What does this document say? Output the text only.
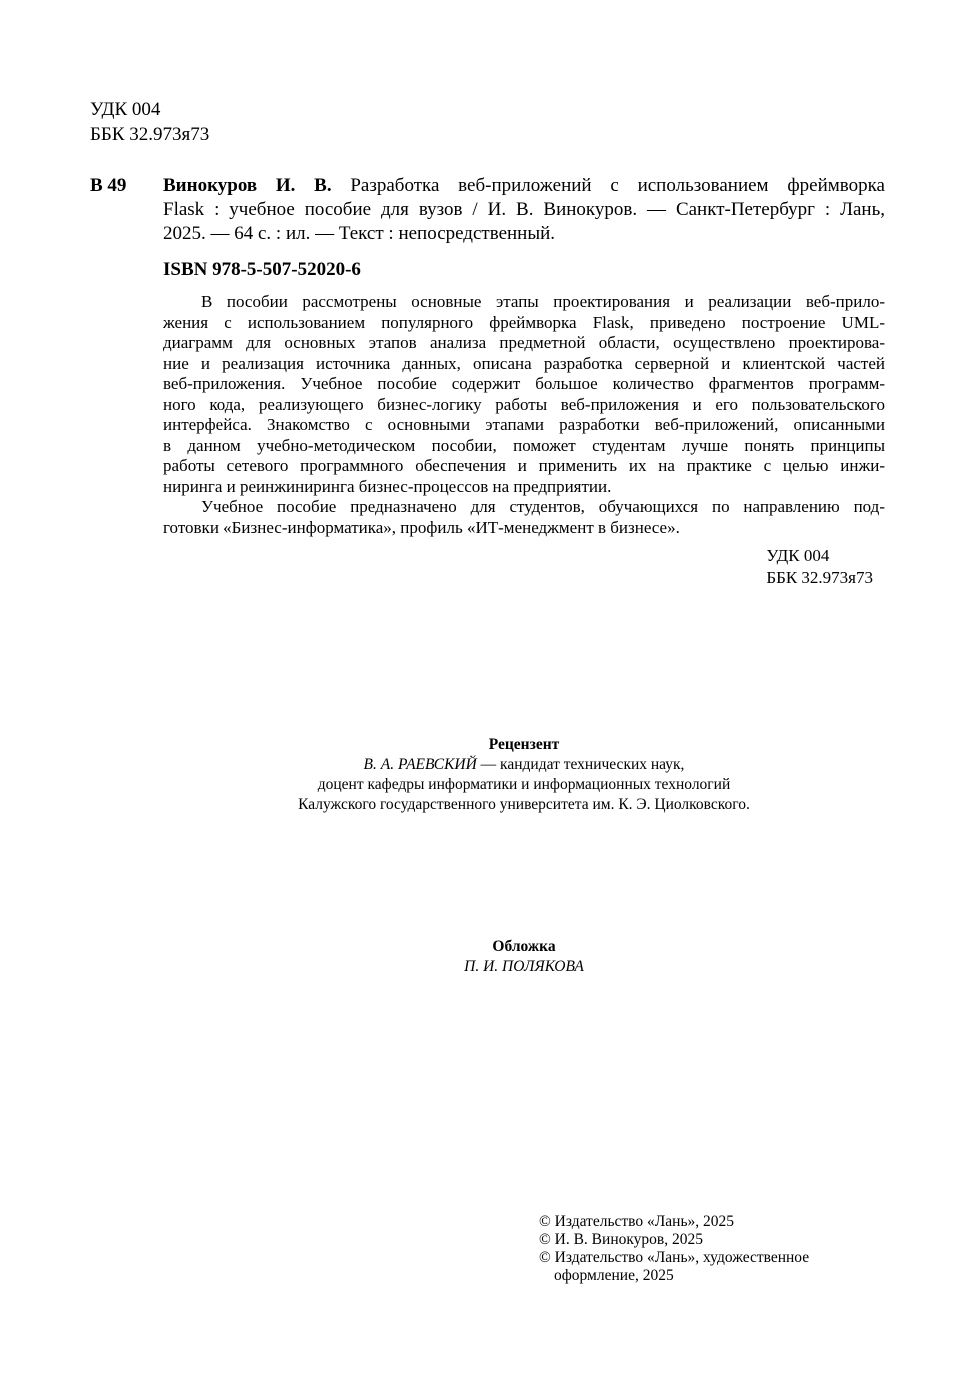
УДК 004
ББК 32.973я73
В 49 Винокуров И. В. Разработка веб-приложений с использованием фреймворка
Flask : учебное пособие для вузов / И. В. Винокуров. — Санкт-Петербург : Лань,
2025. — 64 с. : ил. — Текст : непосредственный.
ISBN 978-5-507-52020-6
В пособии рассмотрены основные этапы проектирования и реализации веб-прило-
жения с использованием популярного фреймворка Flask, приведено построение UML-
диаграмм для основных этапов анализа предметной области, осуществлено проектирова-
ние и реализация источника данных, описана разработка серверной и клиентской частей
веб-приложения. Учебное пособие содержит большое количество фрагментов программ-
ного кода, реализующего бизнес-логику работы веб-приложения и его пользовательского
интерфейса. Знакомство с основными этапами разработки веб-приложений, описанными
в данном учебно-методическом пособии, поможет студентам лучше понять принципы
работы сетевого программного обеспечения и применить их на практике с целью инжи-
ниринга и реинжиниринга бизнес-процессов на предприятии.
Учебное пособие предназначено для студентов, обучающихся по направлению под-
готовки «Бизнес-информатика», профиль «ИТ-менеджмент в бизнесе».
УДК 004
ББК 32.973я73
Рецензент
В. А. РАЕВСКИЙ — кандидат технических наук,
доцент кафедры информатики и информационных технологий
Калужского государственного университета им. К. Э. Циолковского.
Обложка
П. И. ПОЛЯКОВА
© Издательство «Лань», 2025
© И. В. Винокуров, 2025
© Издательство «Лань», художественное
оформление, 2025
